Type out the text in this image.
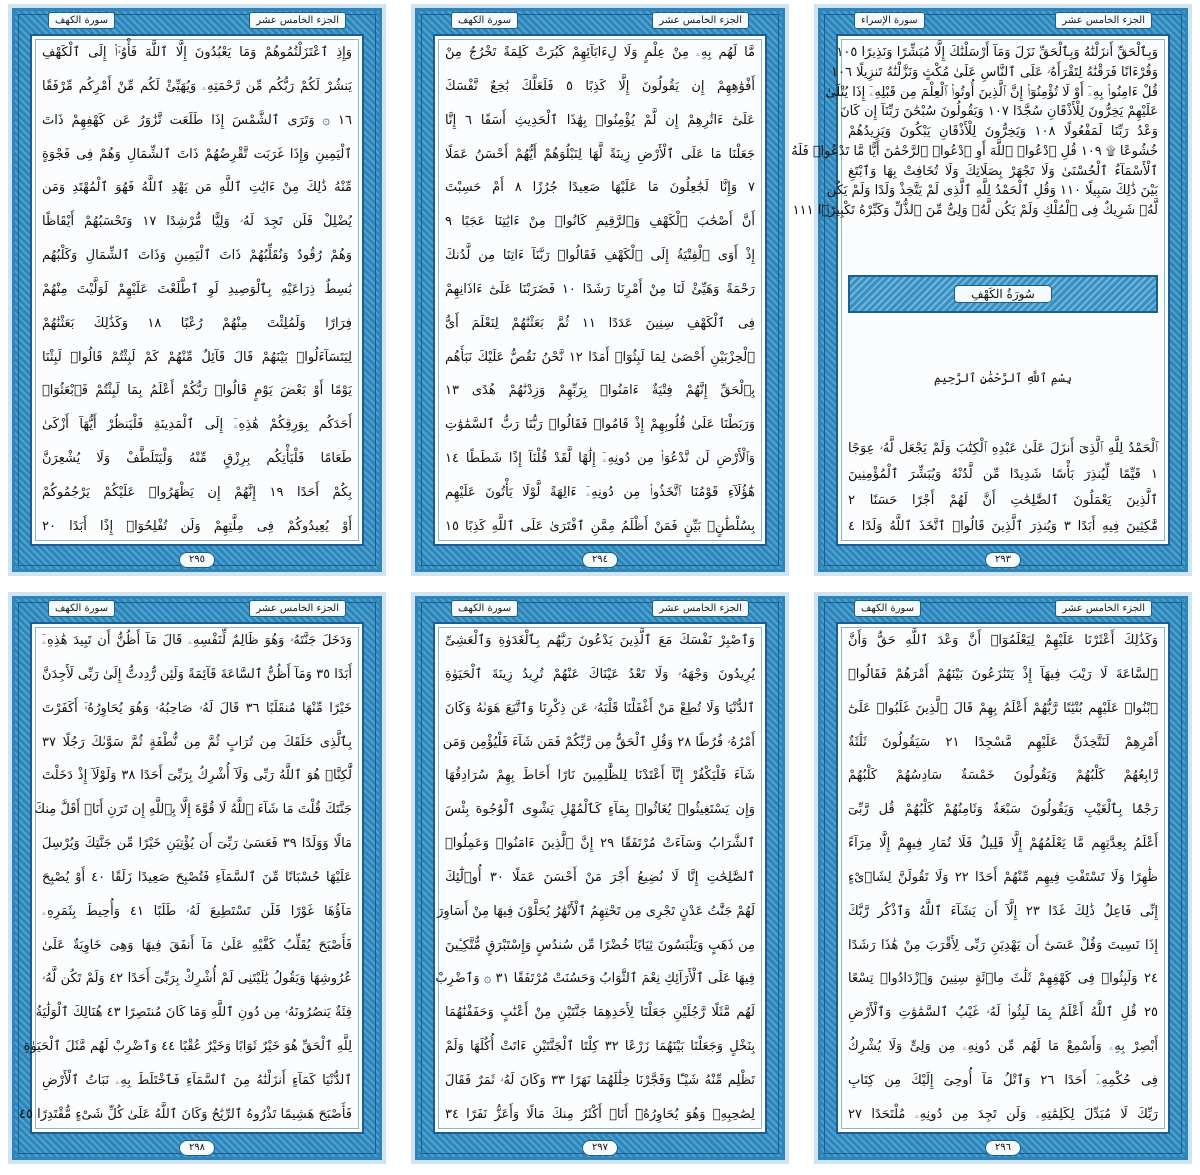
سورة الكهف	الجزء الخامس عشر
وَإِذِ ٱعْتَزَلْتُمُوهُمْ وَمَا يَعْبُدُونَ إِلَّا ٱللَّهَ فَأْوُۥٓا۟ إِلَى ٱلْكَهْفِ
يَنشُرْ لَكُمْ رَبُّكُم مِّن رَّحْمَتِهِۦ وَيُهَيِّئْ لَكُم مِّنْ أَمْرِكُم مِّرْفَقًا
١٦ ۞ وَتَرَى ٱلشَّمْسَ إِذَا طَلَعَت تَّزَٰوَرُ عَن كَهْفِهِمْ ذَاتَ
ٱلْيَمِينِ وَإِذَا غَرَبَت تَّقْرِضُهُمْ ذَاتَ ٱلشِّمَالِ وَهُمْ فِى فَجْوَةٍ
مِّنْهُ ذَٰلِكَ مِنْ ءَايَٰتِ ٱللَّهِ مَن يَهْدِ ٱللَّهُ فَهُوَ ٱلْمُهْتَدِ وَمَن
يُضْلِلْ فَلَن تَجِدَ لَهُۥ وَلِيًّا مُّرْشِدًا ١٧ وَتَحْسَبُهُمْ أَيْقَاظًا
وَهُمْ رُقُودٌ وَنُقَلِّبُهُمْ ذَاتَ ٱلْيَمِينِ وَذَاتَ ٱلشِّمَالِ وَكَلْبُهُم
بَٰسِطٌ ذِرَاعَيْهِ بِٱلْوَصِيدِ لَوِ ٱطَّلَعْتَ عَلَيْهِمْ لَوَلَّيْتَ مِنْهُمْ
فِرَارًا وَلَمُلِئْتَ مِنْهُمْ رُعْبًا ١٨ وَكَذَٰلِكَ بَعَثْنَٰهُمْ
لِيَتَسَآءَلُوا۟ بَيْنَهُمْ قَالَ قَآئِلٌ مِّنْهُمْ كَمْ لَبِثْتُمْ قَالُوا۟ لَبِثْنَا
يَوْمًا أَوْ بَعْضَ يَوْمٍ قَالُوا۟ رَبُّكُمْ أَعْلَمُ بِمَا لَبِثْتُمْ فَٱبْعَثُوٓا۟
أَحَدَكُم بِوَرِقِكُمْ هَٰذِهِۦٓ إِلَى ٱلْمَدِينَةِ فَلْيَنظُرْ أَيُّهَآ أَزْكَىٰ
طَعَامًا فَلْيَأْتِكُم بِرِزْقٍ مِّنْهُ وَلْيَتَلَطَّفْ وَلَا يُشْعِرَنَّ
بِكُمْ أَحَدًا ١٩ إِنَّهُمْ إِن يَظْهَرُوا۟ عَلَيْكُمْ يَرْجُمُوكُمْ
أَوْ يُعِيدُوكُمْ فِى مِلَّتِهِمْ وَلَن تُفْلِحُوٓا۟ إِذًا أَبَدًا ٢٠
٢٩٥
سورة الكهف	الجزء الخامس عشر
مَّا لَهُم بِهِۦ مِنْ عِلْمٍ وَلَا لِءَابَآئِهِمْ كَبُرَتْ كَلِمَةً تَخْرُجُ مِنْ
أَفْوَٰهِهِمْ إِن يَقُولُونَ إِلَّا كَذِبًا ٥ فَلَعَلَّكَ بَٰخِعٌ نَّفْسَكَ
عَلَىٰٓ ءَاثَٰرِهِمْ إِن لَّمْ يُؤْمِنُوا۟ بِهَٰذَا ٱلْحَدِيثِ أَسَفًا ٦ إِنَّا
جَعَلْنَا مَا عَلَى ٱلْأَرْضِ زِينَةً لَّهَا لِنَبْلُوَهُمْ أَيُّهُمْ أَحْسَنُ عَمَلًا
٧ وَإِنَّا لَجَٰعِلُونَ مَا عَلَيْهَا صَعِيدًا جُرُزًا ٨ أَمْ حَسِبْتَ
أَنَّ أَصْحَٰبَ ٱلْكَهْفِ وَٱلرَّقِيمِ كَانُوا۟ مِنْ ءَايَٰتِنَا عَجَبًا ٩
إِذْ أَوَى ٱلْفِتْيَةُ إِلَى ٱلْكَهْفِ فَقَالُوا۟ رَبَّنَآ ءَاتِنَا مِن لَّدُنكَ
رَحْمَةً وَهَيِّئْ لَنَا مِنْ أَمْرِنَا رَشَدًا ١٠ فَضَرَبْنَا عَلَىٰٓ ءَاذَانِهِمْ
فِى ٱلْكَهْفِ سِنِينَ عَدَدًا ١١ ثُمَّ بَعَثْنَٰهُمْ لِنَعْلَمَ أَىُّ
ٱلْحِزْبَيْنِ أَحْصَىٰ لِمَا لَبِثُوٓا۟ أَمَدًا ١٢ نَّحْنُ نَقُصُّ عَلَيْكَ نَبَأَهُم
بِٱلْحَقِّ إِنَّهُمْ فِتْيَةٌ ءَامَنُوا۟ بِرَبِّهِمْ وَزِدْنَٰهُمْ هُدًى ١٣
وَرَبَطْنَا عَلَىٰ قُلُوبِهِمْ إِذْ قَامُوا۟ فَقَالُوا۟ رَبُّنَا رَبُّ ٱلسَّمَٰوَٰتِ
وَٱلْأَرْضِ لَن نَّدْعُوَا۟ مِن دُونِهِۦٓ إِلَٰهًا لَّقَدْ قُلْنَآ إِذًا شَطَطًا ١٤
هَٰٓؤُلَآءِ قَوْمُنَا ٱتَّخَذُوا۟ مِن دُونِهِۦٓ ءَالِهَةً لَّوْلَا يَأْتُونَ عَلَيْهِم
بِسُلْطَٰنٍۭ بَيِّنٍ فَمَنْ أَظْلَمُ مِمَّنِ ٱفْتَرَىٰ عَلَى ٱللَّهِ كَذِبًا ١٥
٢٩٤
سورة الإسراء	الجزء الخامس عشر
وَبِٱلْحَقِّ أَنزَلْنَٰهُ وَبِٱلْحَقِّ نَزَلَ وَمَآ أَرْسَلْنَٰكَ إِلَّا مُبَشِّرًا وَنَذِيرًا ١٠٥
وَقُرْءَانًا فَرَقْنَٰهُ لِتَقْرَأَهُۥ عَلَى ٱلنَّاسِ عَلَىٰ مُكْثٍ وَنَزَّلْنَٰهُ تَنزِيلًا ١٠٦
قُلْ ءَامِنُوا۟ بِهِۦٓ أَوْ لَا تُؤْمِنُوٓا۟ إِنَّ ٱلَّذِينَ أُوتُوا۟ ٱلْعِلْمَ مِن قَبْلِهِۦٓ إِذَا يُتْلَىٰ
عَلَيْهِمْ يَخِرُّونَ لِلْأَذْقَانِ سُجَّدًا ١٠٧ وَيَقُولُونَ سُبْحَٰنَ رَبِّنَآ إِن كَانَ
وَعْدُ رَبِّنَا لَمَفْعُولًا ١٠٨ وَيَخِرُّونَ لِلْأَذْقَانِ يَبْكُونَ وَيَزِيدُهُمْ
خُشُوعًا ۩ ١٠٩ قُلِ ٱدْعُوا۟ ٱللَّهَ أَوِ ٱدْعُوا۟ ٱلرَّحْمَٰنَ أَيًّا مَّا تَدْعُوا۟ فَلَهُ
ٱلْأَسْمَآءُ ٱلْحُسْنَىٰ وَلَا تَجْهَرْ بِصَلَاتِكَ وَلَا تُخَافِتْ بِهَا وَٱبْتَغِ
بَيْنَ ذَٰلِكَ سَبِيلًا ١١٠ وَقُلِ ٱلْحَمْدُ لِلَّهِ ٱلَّذِى لَمْ يَتَّخِذْ وَلَدًا وَلَمْ يَكُن
لَّهُۥ شَرِيكٌ فِى ٱلْمُلْكِ وَلَمْ يَكُن لَّهُۥ وَلِىٌّ مِّنَ ٱلذُّلِّ وَكَبِّرْهُ تَكْبِيرًۢا ١١١
سُورَةُ الكَهْفِ
بِسْمِ ٱللَّهِ ٱلرَّحْمَٰنِ ٱلرَّحِيمِ
ٱلْحَمْدُ لِلَّهِ ٱلَّذِىٓ أَنزَلَ عَلَىٰ عَبْدِهِ ٱلْكِتَٰبَ وَلَمْ يَجْعَل لَّهُۥ عِوَجًا
١ قَيِّمًا لِّيُنذِرَ بَأْسًا شَدِيدًا مِّن لَّدُنْهُ وَيُبَشِّرَ ٱلْمُؤْمِنِينَ
ٱلَّذِينَ يَعْمَلُونَ ٱلصَّٰلِحَٰتِ أَنَّ لَهُمْ أَجْرًا حَسَنًا ٢
مَّٰكِثِينَ فِيهِ أَبَدًا ٣ وَيُنذِرَ ٱلَّذِينَ قَالُوا۟ ٱتَّخَذَ ٱللَّهُ وَلَدًا ٤
٢٩٣
سورة الكهف	الجزء الخامس عشر
وَدَخَلَ جَنَّتَهُۥ وَهُوَ ظَالِمٌ لِّنَفْسِهِۦ قَالَ مَآ أَظُنُّ أَن تَبِيدَ هَٰذِهِۦٓ
أَبَدًا ٣٥ وَمَآ أَظُنُّ ٱلسَّاعَةَ قَآئِمَةً وَلَئِن رُّدِدتُّ إِلَىٰ رَبِّى لَأَجِدَنَّ
خَيْرًا مِّنْهَا مُنقَلَبًا ٣٦ قَالَ لَهُۥ صَاحِبُهُۥ وَهُوَ يُحَاوِرُهُۥٓ أَكَفَرْتَ
بِٱلَّذِى خَلَقَكَ مِن تُرَابٍ ثُمَّ مِن نُّطْفَةٍ ثُمَّ سَوَّىٰكَ رَجُلًا ٣٧
لَّٰكِنَّا۠ هُوَ ٱللَّهُ رَبِّى وَلَآ أُشْرِكُ بِرَبِّىٓ أَحَدًا ٣٨ وَلَوْلَآ إِذْ دَخَلْتَ
جَنَّتَكَ قُلْتَ مَا شَآءَ ٱللَّهُ لَا قُوَّةَ إِلَّا بِٱللَّهِ إِن تَرَنِ أَنَا۠ أَقَلَّ مِنكَ
مَالًا وَوَلَدًا ٣٩ فَعَسَىٰ رَبِّىٓ أَن يُؤْتِيَنِ خَيْرًا مِّن جَنَّتِكَ وَيُرْسِلَ
عَلَيْهَا حُسْبَانًا مِّنَ ٱلسَّمَآءِ فَتُصْبِحَ صَعِيدًا زَلَقًا ٤٠ أَوْ يُصْبِحَ
مَآؤُهَا غَوْرًا فَلَن تَسْتَطِيعَ لَهُۥ طَلَبًا ٤١ وَأُحِيطَ بِثَمَرِهِۦ
فَأَصْبَحَ يُقَلِّبُ كَفَّيْهِ عَلَىٰ مَآ أَنفَقَ فِيهَا وَهِىَ خَاوِيَةٌ عَلَىٰ
عُرُوشِهَا وَيَقُولُ يَٰلَيْتَنِى لَمْ أُشْرِكْ بِرَبِّىٓ أَحَدًا ٤٢ وَلَمْ تَكُن لَّهُۥ
فِئَةٌ يَنصُرُونَهُۥ مِن دُونِ ٱللَّهِ وَمَا كَانَ مُنتَصِرًا ٤٣ هُنَالِكَ ٱلْوَلَٰيَةُ
لِلَّهِ ٱلْحَقِّ هُوَ خَيْرٌ ثَوَابًا وَخَيْرٌ عُقْبًا ٤٤ وَٱضْرِبْ لَهُم مَّثَلَ ٱلْحَيَوٰةِ
ٱلدُّنْيَا كَمَآءٍ أَنزَلْنَٰهُ مِنَ ٱلسَّمَآءِ فَٱخْتَلَطَ بِهِۦ نَبَاتُ ٱلْأَرْضِ
فَأَصْبَحَ هَشِيمًا تَذْرُوهُ ٱلرِّيَٰحُ وَكَانَ ٱللَّهُ عَلَىٰ كُلِّ شَىْءٍ مُّقْتَدِرًا ٤٥
٢٩٨
سورة الكهف	الجزء الخامس عشر
وَٱصْبِرْ نَفْسَكَ مَعَ ٱلَّذِينَ يَدْعُونَ رَبَّهُم بِٱلْغَدَوٰةِ وَٱلْعَشِىِّ
يُرِيدُونَ وَجْهَهُۥ وَلَا تَعْدُ عَيْنَاكَ عَنْهُمْ تُرِيدُ زِينَةَ ٱلْحَيَوٰةِ
ٱلدُّنْيَا وَلَا تُطِعْ مَنْ أَغْفَلْنَا قَلْبَهُۥ عَن ذِكْرِنَا وَٱتَّبَعَ هَوَىٰهُ وَكَانَ
أَمْرُهُۥ فُرُطًا ٢٨ وَقُلِ ٱلْحَقُّ مِن رَّبِّكُمْ فَمَن شَآءَ فَلْيُؤْمِن وَمَن
شَآءَ فَلْيَكْفُرْ إِنَّآ أَعْتَدْنَا لِلظَّٰلِمِينَ نَارًا أَحَاطَ بِهِمْ سُرَادِقُهَا
وَإِن يَسْتَغِيثُوا۟ يُغَاثُوا۟ بِمَآءٍ كَٱلْمُهْلِ يَشْوِى ٱلْوُجُوهَ بِئْسَ
ٱلشَّرَابُ وَسَآءَتْ مُرْتَفَقًا ٢٩ إِنَّ ٱلَّذِينَ ءَامَنُوا۟ وَعَمِلُوا۟
ٱلصَّٰلِحَٰتِ إِنَّا لَا نُضِيعُ أَجْرَ مَنْ أَحْسَنَ عَمَلًا ٣٠ أُو۟لَٰٓئِكَ
لَهُمْ جَنَّٰتُ عَدْنٍ تَجْرِى مِن تَحْتِهِمُ ٱلْأَنْهَٰرُ يُحَلَّوْنَ فِيهَا مِنْ أَسَاوِرَ
مِن ذَهَبٍ وَيَلْبَسُونَ ثِيَابًا خُضْرًا مِّن سُندُسٍ وَإِسْتَبْرَقٍ مُّتَّكِـِٔينَ
فِيهَا عَلَى ٱلْأَرَآئِكِ نِعْمَ ٱلثَّوَابُ وَحَسُنَتْ مُرْتَفَقًا ٣١ ۞ وَٱضْرِبْ
لَهُم مَّثَلًا رَّجُلَيْنِ جَعَلْنَا لِأَحَدِهِمَا جَنَّتَيْنِ مِنْ أَعْنَٰبٍ وَحَفَفْنَٰهُمَا
بِنَخْلٍ وَجَعَلْنَا بَيْنَهُمَا زَرْعًا ٣٢ كِلْتَا ٱلْجَنَّتَيْنِ ءَاتَتْ أُكُلَهَا وَلَمْ
تَظْلِم مِّنْهُ شَيْـًٔا وَفَجَّرْنَا خِلَٰلَهُمَا نَهَرًا ٣٣ وَكَانَ لَهُۥ ثَمَرٌ فَقَالَ
لِصَٰحِبِهِۦ وَهُوَ يُحَاوِرُهُۥٓ أَنَا۠ أَكْثَرُ مِنكَ مَالًا وَأَعَزُّ نَفَرًا ٣٤
٢٩٧
سورة الكهف	الجزء الخامس عشر
وَكَذَٰلِكَ أَعْثَرْنَا عَلَيْهِمْ لِيَعْلَمُوٓا۟ أَنَّ وَعْدَ ٱللَّهِ حَقٌّ وَأَنَّ
ٱلسَّاعَةَ لَا رَيْبَ فِيهَآ إِذْ يَتَنَٰزَعُونَ بَيْنَهُمْ أَمْرَهُمْ فَقَالُوا۟
ٱبْنُوا۟ عَلَيْهِم بُنْيَٰنًا رَّبُّهُمْ أَعْلَمُ بِهِمْ قَالَ ٱلَّذِينَ غَلَبُوا۟ عَلَىٰٓ
أَمْرِهِمْ لَنَتَّخِذَنَّ عَلَيْهِم مَّسْجِدًا ٢١ سَيَقُولُونَ ثَلَٰثَةٌ
رَّابِعُهُمْ كَلْبُهُمْ وَيَقُولُونَ خَمْسَةٌ سَادِسُهُمْ كَلْبُهُمْ
رَجْمًۢا بِٱلْغَيْبِ وَيَقُولُونَ سَبْعَةٌ وَثَامِنُهُمْ كَلْبُهُمْ قُل رَّبِّىٓ
أَعْلَمُ بِعِدَّتِهِم مَّا يَعْلَمُهُمْ إِلَّا قَلِيلٌ فَلَا تُمَارِ فِيهِمْ إِلَّا مِرَآءً
ظَٰهِرًا وَلَا تَسْتَفْتِ فِيهِم مِّنْهُمْ أَحَدًا ٢٢ وَلَا تَقُولَنَّ لِشَا۟ىْءٍ
إِنِّى فَاعِلٌ ذَٰلِكَ غَدًا ٢٣ إِلَّآ أَن يَشَآءَ ٱللَّهُ وَٱذْكُر رَّبَّكَ
إِذَا نَسِيتَ وَقُلْ عَسَىٰٓ أَن يَهْدِيَنِ رَبِّى لِأَقْرَبَ مِنْ هَٰذَا رَشَدًا
٢٤ وَلَبِثُوا۟ فِى كَهْفِهِمْ ثَلَٰثَ مِا۟ئَةٍ سِنِينَ وَٱزْدَادُوا۟ تِسْعًا
٢٥ قُلِ ٱللَّهُ أَعْلَمُ بِمَا لَبِثُوا۟ لَهُۥ غَيْبُ ٱلسَّمَٰوَٰتِ وَٱلْأَرْضِ
أَبْصِرْ بِهِۦ وَأَسْمِعْ مَا لَهُم مِّن دُونِهِۦ مِن وَلِىٍّ وَلَا يُشْرِكُ
فِى حُكْمِهِۦٓ أَحَدًا ٢٦ وَٱتْلُ مَآ أُوحِىَ إِلَيْكَ مِن كِتَابِ
رَبِّكَ لَا مُبَدِّلَ لِكَلِمَٰتِهِۦ وَلَن تَجِدَ مِن دُونِهِۦ مُلْتَحَدًا ٢٧
٢٩٦
